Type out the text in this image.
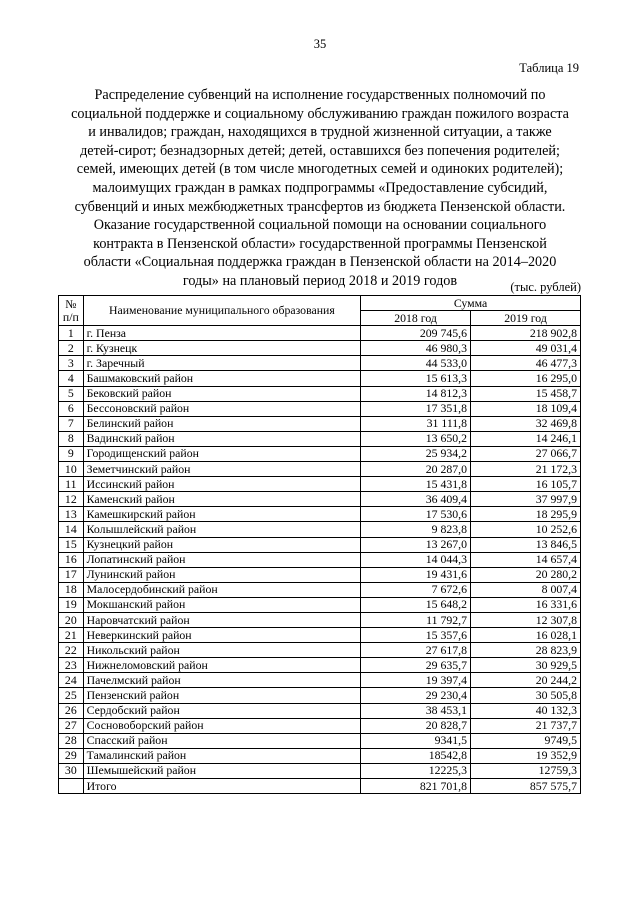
35
Таблица 19
Распределение субвенций на исполнение государственных полномочий по социальной поддержке и социальному обслуживанию граждан пожилого возраста и инвалидов; граждан, находящихся в трудной жизненной ситуации, а также детей-сирот; безнадзорных детей; детей, оставшихся без попечения родителей; семей, имеющих детей (в том числе многодетных семей и одиноких родителей); малоимущих граждан в рамках подпрограммы «Предоставление субсидий, субвенций и иных межбюджетных трансфертов из бюджета Пензенской области. Оказание государственной социальной помощи на основании социального контракта в Пензенской области» государственной программы Пензенской области «Социальная поддержка граждан в Пензенской области на 2014–2020 годы» на плановый период 2018 и 2019 годов	(тыс. рублей)
№
п/п	Наименование муниципального образования	Сумма	
		2018 год	2019 год
1	г. Пенза	209 745,6	218 902,8
2	г. Кузнецк	46 980,3	49 031,4
3	г. Заречный	44 533,0	46 477,3
4	Башмаковский район	15 613,3	16 295,0
5	Бековский район	14 812,3	15 458,7
6	Бессоновский район	17 351,8	18 109,4
7	Белинский район	31 111,8	32 469,8
8	Вадинский район	13 650,2	14 246,1
9	Городищенский район	25 934,2	27 066,7
10	Земетчинский район	20 287,0	21 172,3
11	Иссинский район	15 431,8	16 105,7
12	Каменский район	36 409,4	37 997,9
13	Камешкирский район	17 530,6	18 295,9
14	Колышлейский район	9 823,8	10 252,6
15	Кузнецкий район	13 267,0	13 846,5
16	Лопатинский район	14 044,3	14 657,4
17	Лунинский район	19 431,6	20 280,2
18	Малосердобинский район	7 672,6	8 007,4
19	Мокшанский район	15 648,2	16 331,6
20	Наровчатский район	11 792,7	12 307,8
21	Неверкинский район	15 357,6	16 028,1
22	Никольский район	27 617,8	28 823,9
23	Нижнеломовский район	29 635,7	30 929,5
24	Пачелмский район	19 397,4	20 244,2
25	Пензенский район	29 230,4	30 505,8
26	Сердобский район	38 453,1	40 132,3
27	Сосновоборский район	20 828,7	21 737,7
28	Спасский район	9341,5	9749,5
29	Тамалинский район	18542,8	19 352,9
30	Шемышейский район	12225,3	12759,3
	Итого	821 701,8	857 575,7
